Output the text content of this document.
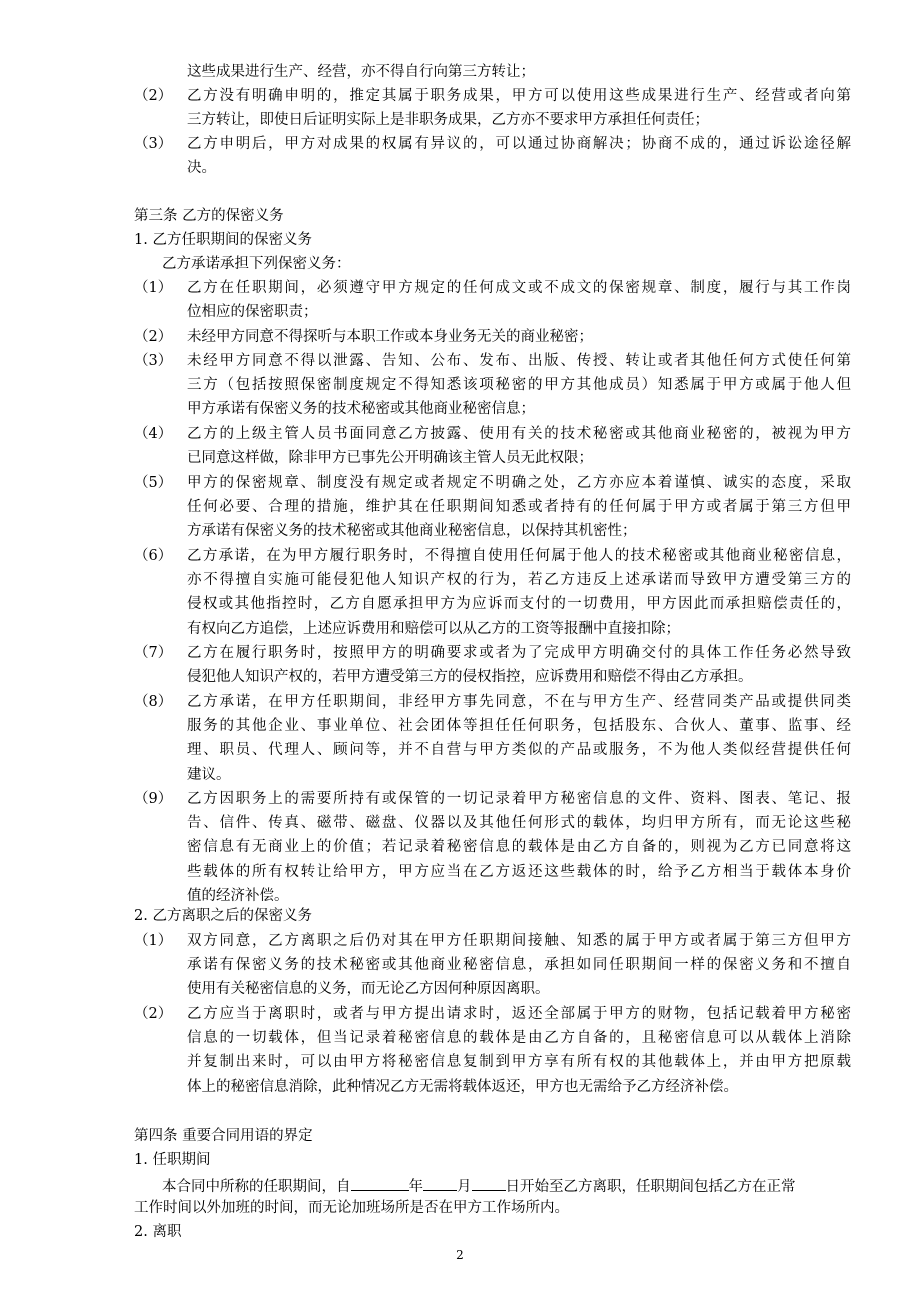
这些成果进行生产、经营，亦不得自行向第三方转让；
（2） 乙方没有明确申明的，推定其属于职务成果，甲方可以使用这些成果进行生产、经营或者向第
三方转让，即使日后证明实际上是非职务成果，乙方亦不要求甲方承担任何责任；
（3） 乙方申明后，甲方对成果的权属有异议的，可以通过协商解决；协商不成的，通过诉讼途径解
决。
第三条 乙方的保密义务
1. 乙方任职期间的保密义务
乙方承诺承担下列保密义务：
（1） 乙方在任职期间，必须遵守甲方规定的任何成文或不成文的保密规章、制度，履行与其工作岗
位相应的保密职责；
（2） 未经甲方同意不得探听与本职工作或本身业务无关的商业秘密；
（3） 未经甲方同意不得以泄露、告知、公布、发布、出版、传授、转让或者其他任何方式使任何第
三方（包括按照保密制度规定不得知悉该项秘密的甲方其他成员）知悉属于甲方或属于他人但
甲方承诺有保密义务的技术秘密或其他商业秘密信息；
（4） 乙方的上级主管人员书面同意乙方披露、使用有关的技术秘密或其他商业秘密的，被视为甲方
已同意这样做，除非甲方已事先公开明确该主管人员无此权限；
（5） 甲方的保密规章、制度没有规定或者规定不明确之处，乙方亦应本着谨慎、诚实的态度，采取
任何必要、合理的措施，维护其在任职期间知悉或者持有的任何属于甲方或者属于第三方但甲
方承诺有保密义务的技术秘密或其他商业秘密信息，以保持其机密性；
（6） 乙方承诺，在为甲方履行职务时，不得擅自使用任何属于他人的技术秘密或其他商业秘密信息，
亦不得擅自实施可能侵犯他人知识产权的行为，若乙方违反上述承诺而导致甲方遭受第三方的
侵权或其他指控时，乙方自愿承担甲方为应诉而支付的一切费用，甲方因此而承担赔偿责任的，
有权向乙方追偿，上述应诉费用和赔偿可以从乙方的工资等报酬中直接扣除；
（7） 乙方在履行职务时，按照甲方的明确要求或者为了完成甲方明确交付的具体工作任务必然导致
侵犯他人知识产权的，若甲方遭受第三方的侵权指控，应诉费用和赔偿不得由乙方承担。
（8） 乙方承诺，在甲方任职期间，非经甲方事先同意，不在与甲方生产、经营同类产品或提供同类
服务的其他企业、事业单位、社会团体等担任任何职务，包括股东、合伙人、董事、监事、经
理、职员、代理人、顾问等，并不自营与甲方类似的产品或服务，不为他人类似经营提供任何
建议。
（9） 乙方因职务上的需要所持有或保管的一切记录着甲方秘密信息的文件、资料、图表、笔记、报
告、信件、传真、磁带、磁盘、仪器以及其他任何形式的载体，均归甲方所有，而无论这些秘
密信息有无商业上的价值；若记录着秘密信息的载体是由乙方自备的，则视为乙方已同意将这
些载体的所有权转让给甲方，甲方应当在乙方返还这些载体的时，给予乙方相当于载体本身价
值的经济补偿。
2. 乙方离职之后的保密义务
（1） 双方同意，乙方离职之后仍对其在甲方任职期间接触、知悉的属于甲方或者属于第三方但甲方
承诺有保密义务的技术秘密或其他商业秘密信息，承担如同任职期间一样的保密义务和不擅自
使用有关秘密信息的义务，而无论乙方因何种原因离职。
（2） 乙方应当于离职时，或者与甲方提出请求时，返还全部属于甲方的财物，包括记载着甲方秘密
信息的一切载体，但当记录着秘密信息的载体是由乙方自备的，且秘密信息可以从载体上消除
并复制出来时，可以由甲方将秘密信息复制到甲方享有所有权的其他载体上，并由甲方把原载
体上的秘密信息消除，此种情况乙方无需将载体返还，甲方也无需给予乙方经济补偿。
第四条 重要合同用语的界定
1. 任职期间
本合同中所称的任职期间，自	年 月 日开始至乙方离职，任职期间包括乙方在正常
工作时间以外加班的时间，而无论加班场所是否在甲方工作场所内。
2. 离职
2
